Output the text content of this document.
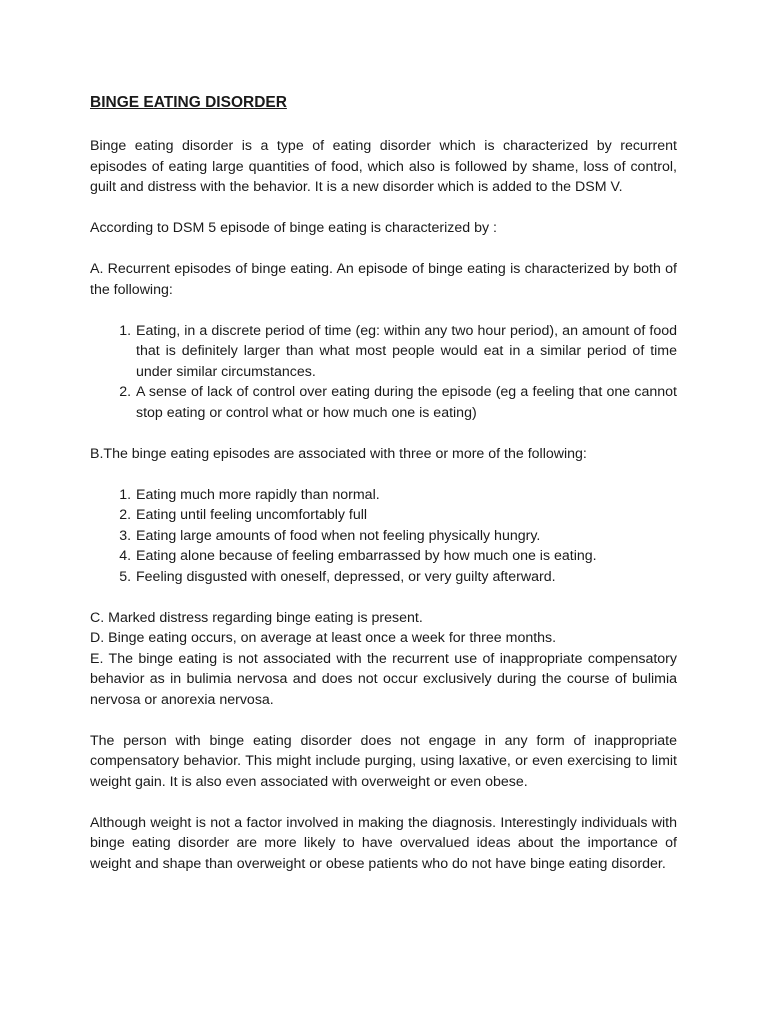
BINGE EATING DISORDER

Binge eating disorder is a type of eating disorder which is characterized by recurrent episodes of eating large quantities of food, which also is followed by shame, loss of control, guilt and distress with the behavior. It is a new disorder which is added to the DSM V.

According to DSM 5 episode of binge eating is characterized by :

A. Recurrent episodes of binge eating. An episode of binge eating is characterized by both of the following:

1. Eating, in a discrete period of time (eg: within any two hour period), an amount of food that is definitely larger than what most people would eat in a similar period of time under similar circumstances.
2. A sense of lack of control over eating during the episode (eg a feeling that one cannot stop eating or control what or how much one is eating)

B.The binge eating episodes are associated with three or more of the following:

1. Eating much more rapidly than normal.
2. Eating until feeling uncomfortably full
3. Eating large amounts of food when not feeling physically hungry.
4. Eating alone because of feeling embarrassed by how much one is eating.
5. Feeling disgusted with oneself, depressed, or very guilty afterward.

C. Marked distress regarding binge eating is present.

D. Binge eating occurs, on average at least once a week for three months.

E. The binge eating is not associated with the recurrent use of inappropriate compensatory behavior as in bulimia nervosa and does not occur exclusively during the course of bulimia nervosa or anorexia nervosa.

The person with binge eating disorder does not engage in any form of inappropriate compensatory behavior. This might include purging, using laxative, or even exercising to limit weight gain. It is also even associated with overweight or even obese.

Although weight is not a factor involved in making the diagnosis. Interestingly individuals with binge eating disorder are more likely to have overvalued ideas about the importance of weight and shape than overweight or obese patients who do not have binge eating disorder.
